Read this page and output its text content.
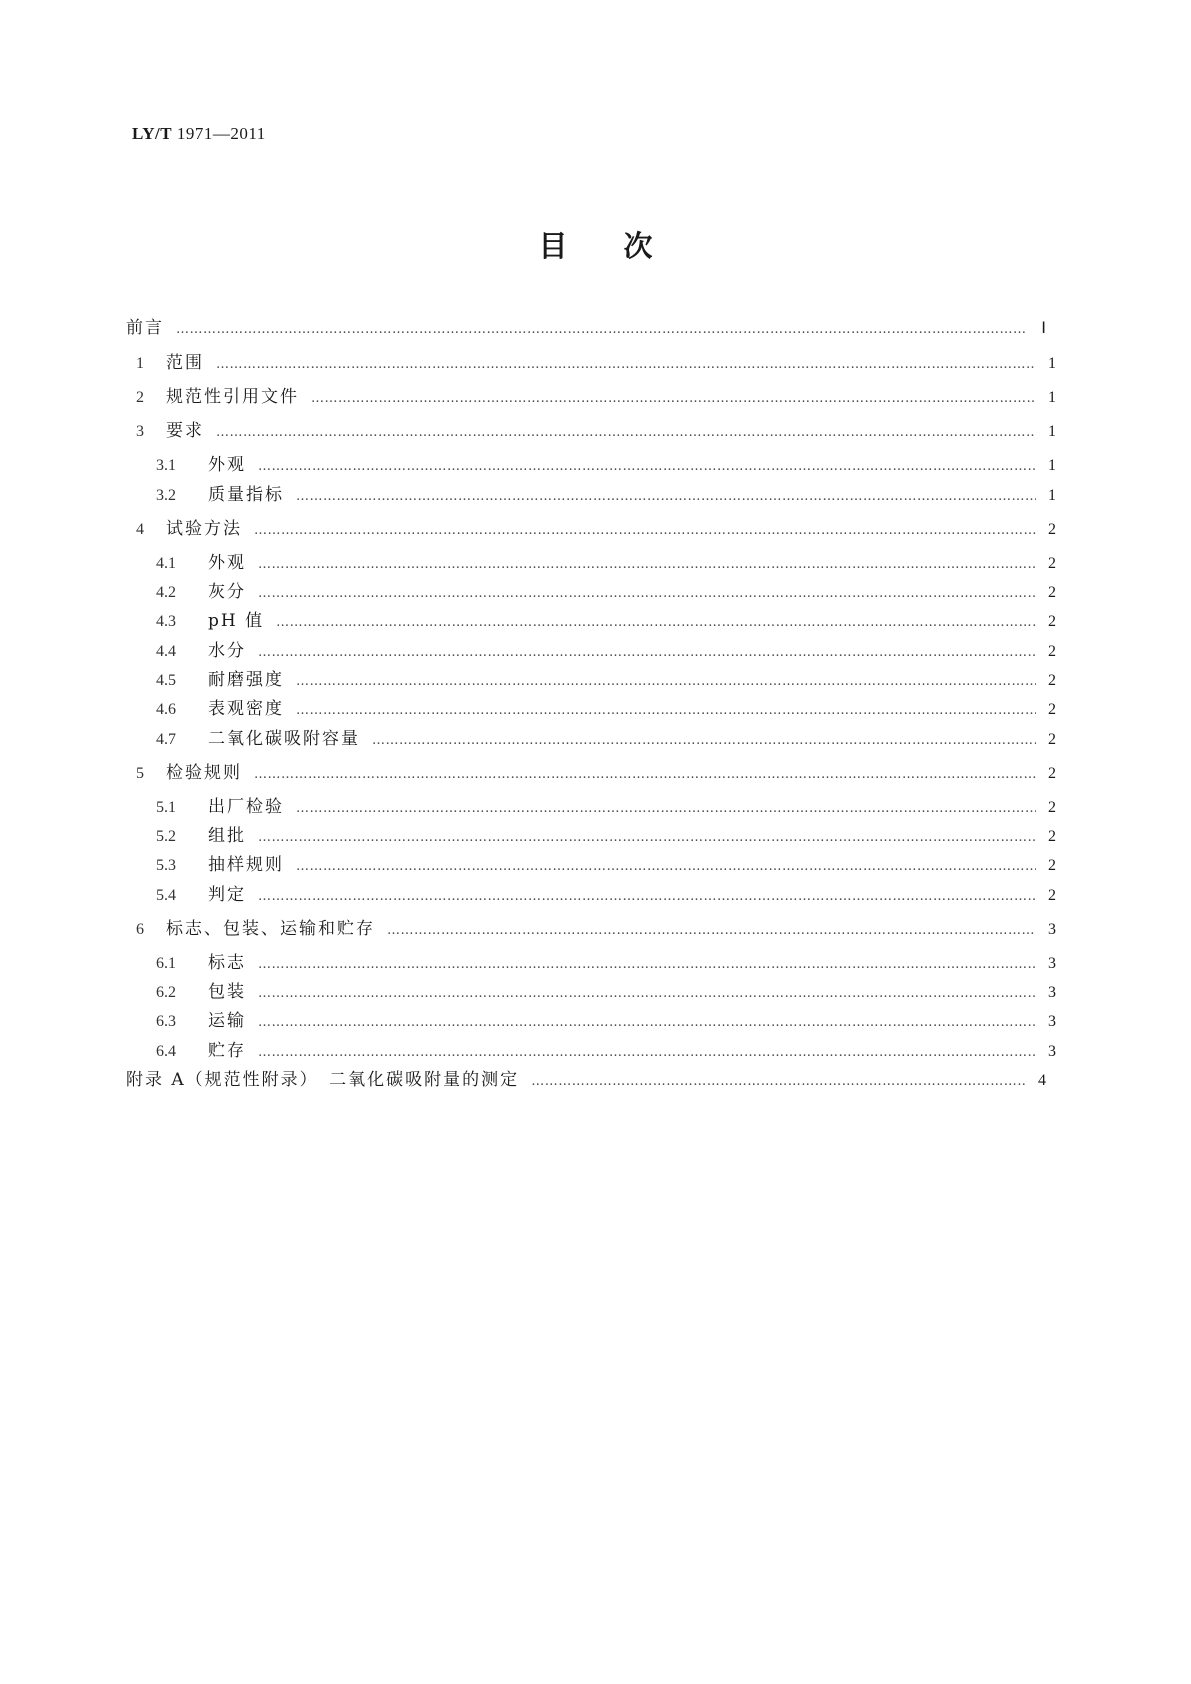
LY/T 1971—2011
目 次
前言 …………………………………………………………………………………………………………………………………………………………………………………………………	Ⅰ
1	范围 …………………………………………………………………………………………………………………………………………………………………………………………………	1
2	规范性引用文件 …………………………………………………………………………………………………………………………………………………………………………………………………	1
3	要求 …………………………………………………………………………………………………………………………………………………………………………………………………	1
3.1	外观 …………………………………………………………………………………………………………………………………………………………………………………………………	1
3.2	质量指标 …………………………………………………………………………………………………………………………………………………………………………………………………	1
4	试验方法 …………………………………………………………………………………………………………………………………………………………………………………………………	2
4.1	外观 …………………………………………………………………………………………………………………………………………………………………………………………………	2
4.2	灰分 …………………………………………………………………………………………………………………………………………………………………………………………………	2
4.3	pH 值 …………………………………………………………………………………………………………………………………………………………………………………………………	2
4.4	水分 …………………………………………………………………………………………………………………………………………………………………………………………………	2
4.5	耐磨强度 …………………………………………………………………………………………………………………………………………………………………………………………………	2
4.6	表观密度 …………………………………………………………………………………………………………………………………………………………………………………………………	2
4.7	二氧化碳吸附容量 …………………………………………………………………………………………………………………………………………………………………………………………………	2
5	检验规则 …………………………………………………………………………………………………………………………………………………………………………………………………	2
5.1	出厂检验 …………………………………………………………………………………………………………………………………………………………………………………………………	2
5.2	组批 …………………………………………………………………………………………………………………………………………………………………………………………………	2
5.3	抽样规则 …………………………………………………………………………………………………………………………………………………………………………………………………	2
5.4	判定 …………………………………………………………………………………………………………………………………………………………………………………………………	2
6	标志、包装、运输和贮存 …………………………………………………………………………………………………………………………………………………………………………………………………	3
6.1	标志 …………………………………………………………………………………………………………………………………………………………………………………………………	3
6.2	包装 …………………………………………………………………………………………………………………………………………………………………………………………………	3
6.3	运输 …………………………………………………………………………………………………………………………………………………………………………………………………	3
6.4	贮存 …………………………………………………………………………………………………………………………………………………………………………………………………	3
附录 A（规范性附录）　二氧化碳吸附量的测定 …………………………………………………………………………………………………………………………………………………………………………………………………	4
